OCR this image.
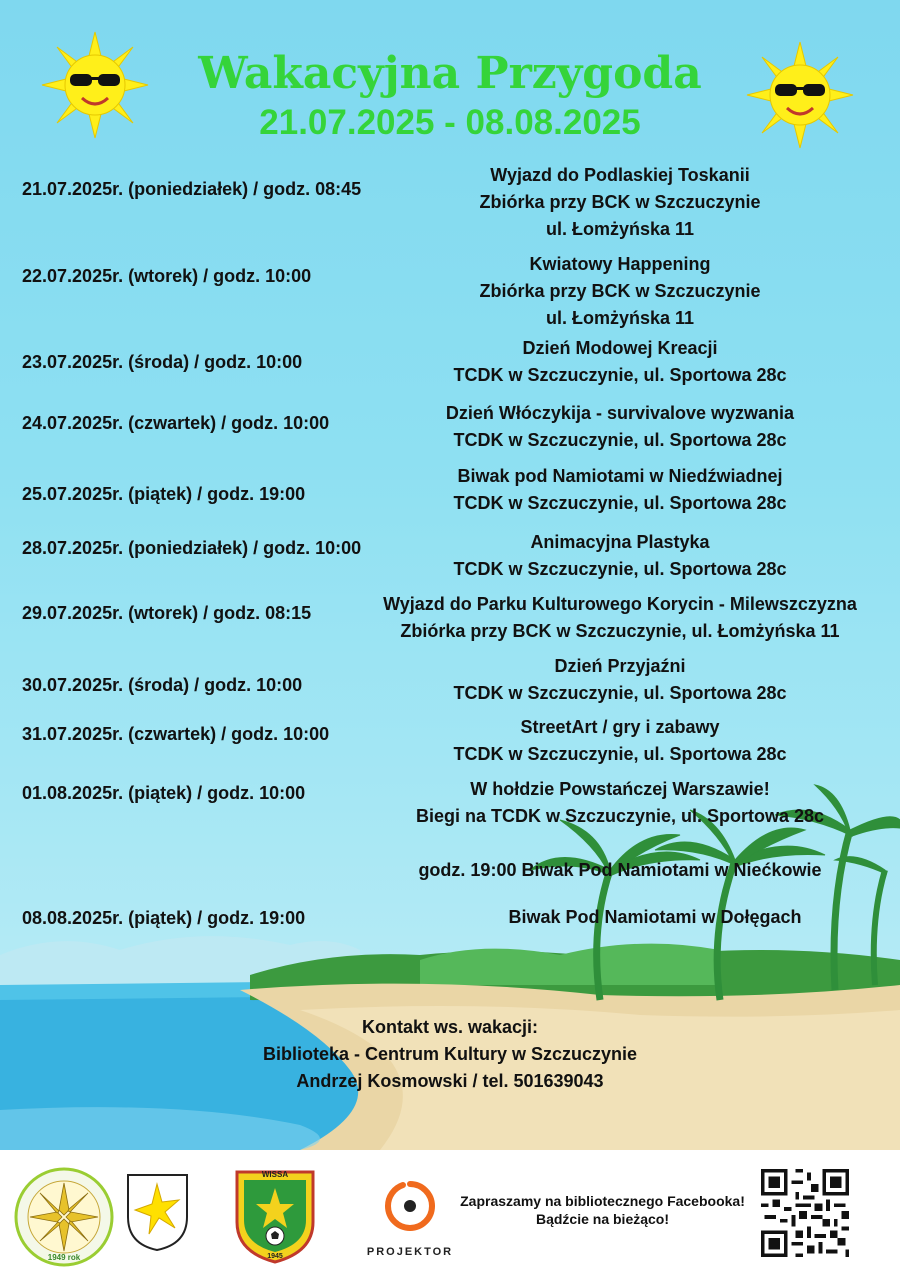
Wakacyjna Przygoda
21.07.2025 - 08.08.2025
21.07.2025r. (poniedziałek) / godz. 08:45
Wyjazd do Podlaskiej Toskanii
Zbiórka przy BCK w Szczuczynie
ul. Łomżyńska 11
22.07.2025r. (wtorek) / godz. 10:00
Kwiatowy Happening
Zbiórka przy BCK w Szczuczynie
ul. Łomżyńska 11
23.07.2025r. (środa) / godz. 10:00
Dzień Modowej Kreacji
TCDK w Szczuczynie, ul. Sportowa 28c
24.07.2025r. (czwartek) / godz. 10:00	Dzień Włóczykija - survivalove wyzwania
TCDK w Szczuczynie, ul. Sportowa 28c
25.07.2025r. (piątek) / godz. 19:00
Biwak pod Namiotami w Niedźwiadnej
TCDK w Szczuczynie, ul. Sportowa 28c
28.07.2025r. (poniedziałek) / godz. 10:00	Animacyjna Plastyka
TCDK w Szczuczynie, ul. Sportowa 28c
29.07.2025r. (wtorek) / godz. 08:15	Wyjazd do Parku Kulturowego Korycin - Milewszczyzna
Zbiórka przy BCK w Szczuczynie, ul. Łomżyńska 11
30.07.2025r. (środa) / godz. 10:00
Dzień Przyjaźni
TCDK w Szczuczynie, ul. Sportowa 28c
31.07.2025r. (czwartek) / godz. 10:00	StreetArt / gry i zabawy
TCDK w Szczuczynie, ul. Sportowa 28c
01.08.2025r. (piątek) / godz. 10:00	W hołdzie Powstańczej Warszawie!
Biegi na TCDK w Szczuczynie, ul. Sportowa 28c
godz. 19:00 Biwak Pod Namiotami w Niećkowie
08.08.2025r. (piątek) / godz. 19:00	Biwak Pod Namiotami w Dołęgach
Kontakt ws. wakacji:
Biblioteka - Centrum Kultury w Szczuczynie
Andrzej Kosmowski / tel. 501639043
1949 rok
WISSA
1945	PROJEKTOR
Zapraszamy na bibliotecznego Facebooka!
Bądźcie na bieżąco!
